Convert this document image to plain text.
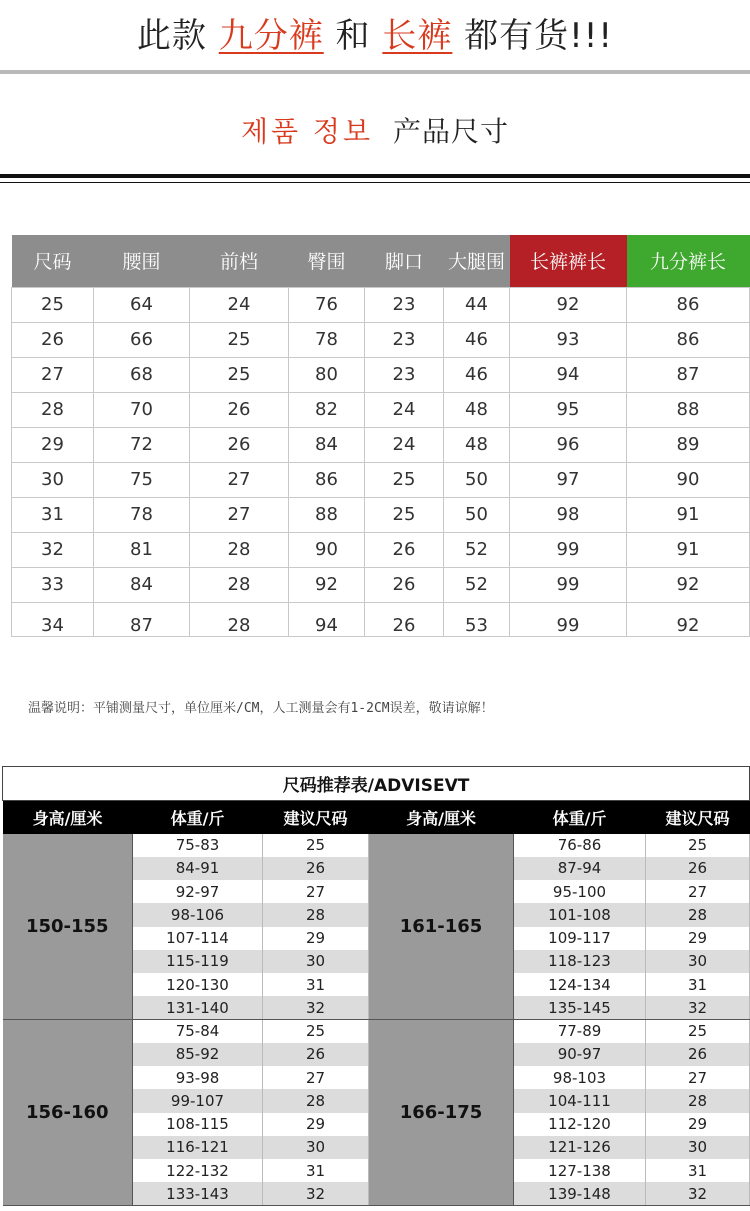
此款 九分裤 和 长裤 都有货!!!
제품 정보 产品尺寸
尺码	腰围	前档	臀围	脚口	大腿围	长裤裤长	九分裤长
25	64	24	76	23	44	92	86
26	66	25	78	23	46	93	86
27	68	25	80	23	46	94	87
28	70	26	82	24	48	95	88
29	72	26	84	24	48	96	89
30	75	27	86	25	50	97	90
31	78	27	88	25	50	98	91
32	81	28	90	26	52	99	91
33	84	28	92	26	52	99	92
34	87	28	94	26	53	99	92
温馨说明：平铺测量尺寸，单位厘米/CM，人工测量会有1-2CM误差，敬请谅解！
尺码推荐表/ADVISEVT					
身高/厘米	体重/斤	建议尺码	身高/厘米	体重/斤	建议尺码
150-155	75-83	25	161-165	76-86	25
	84-91	26		87-94	26
	92-97	27		95-100	27
	98-106	28		101-108	28
	107-114	29		109-117	29
	115-119	30		118-123	30
	120-130	31		124-134	31
	131-140	32		135-145	32
156-160	75-84	25	166-175	77-89	25
	85-92	26		90-97	26
	93-98	27		98-103	27
	99-107	28		104-111	28
	108-115	29		112-120	29
	116-121	30		121-126	30
	122-132	31		127-138	31
	133-143	32		139-148	32
